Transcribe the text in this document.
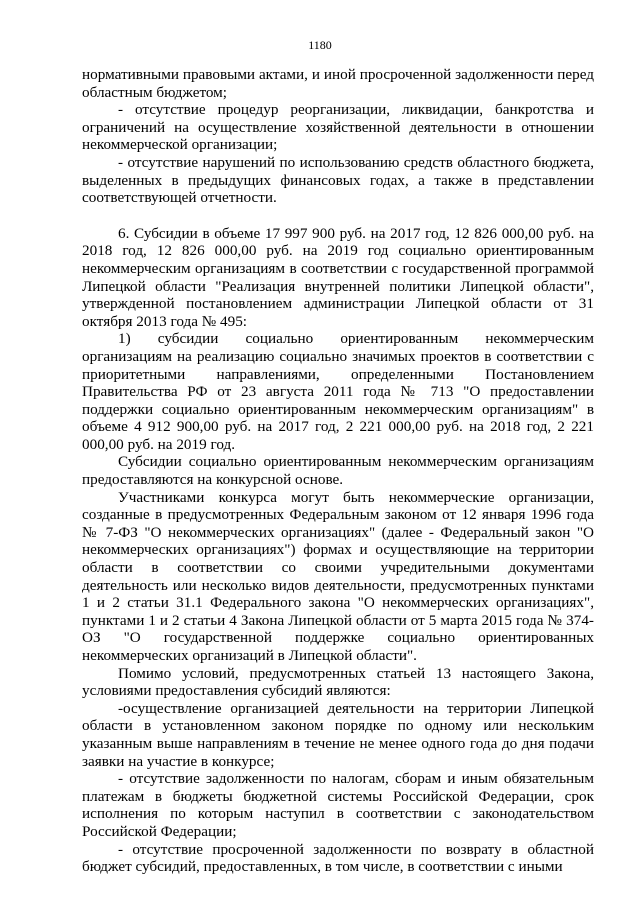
1180

нормативными правовыми актами, и иной просроченной задолженности перед областным бюджетом;

- отсутствие процедур реорганизации, ликвидации, банкротства и ограничений на осуществление хозяйственной деятельности в отношении некоммерческой организации;

- отсутствие нарушений по использованию средств областного бюджета, выделенных в предыдущих финансовых годах, а также в представлении соответствующей отчетности.

6. Субсидии в объеме 17 997 900 руб. на 2017 год, 12 826 000,00 руб. на 2018 год, 12 826 000,00 руб. на 2019 год социально ориентированным некоммерческим организациям в соответствии с государственной программой Липецкой области "Реализация внутренней политики Липецкой области", утвержденной постановлением администрации Липецкой области от 31 октября 2013 года № 495:

1) субсидии социально ориентированным некоммерческим организациям на реализацию социально значимых проектов в соответствии с приоритетными направлениями, определенными Постановлением Правительства РФ от 23 августа 2011 года № 713 "О предоставлении поддержки социально ориентированным некоммерческим организациям" в объеме 4 912 900,00 руб. на 2017 год, 2 221 000,00 руб. на 2018 год, 2 221 000,00 руб. на 2019 год.

Субсидии социально ориентированным некоммерческим организациям предоставляются на конкурсной основе.

Участниками конкурса могут быть некоммерческие организации, созданные в предусмотренных Федеральным законом от 12 января 1996 года № 7-ФЗ "О некоммерческих организациях" (далее - Федеральный закон "О некоммерческих организациях") формах и осуществляющие на территории области в соответствии со своими учредительными документами деятельность или несколько видов деятельности, предусмотренных пунктами 1 и 2 статьи 31.1 Федерального закона "О некоммерческих организациях", пунктами 1 и 2 статьи 4 Закона Липецкой области от 5 марта 2015 года № 374-ОЗ "О государственной поддержке социально ориентированных некоммерческих организаций в Липецкой области".

Помимо условий, предусмотренных статьей 13 настоящего Закона, условиями предоставления субсидий являются:

-осуществление организацией деятельности на территории Липецкой области в установленном законом порядке по одному или нескольким указанным выше направлениям в течение не менее одного года до дня подачи заявки на участие в конкурсе;

- отсутствие задолженности по налогам, сборам и иным обязательным платежам в бюджеты бюджетной системы Российской Федерации, срок исполнения по которым наступил в соответствии с законодательством Российской Федерации;

- отсутствие просроченной задолженности по возврату в областной бюджет субсидий, предоставленных, в том числе, в соответствии с иными
